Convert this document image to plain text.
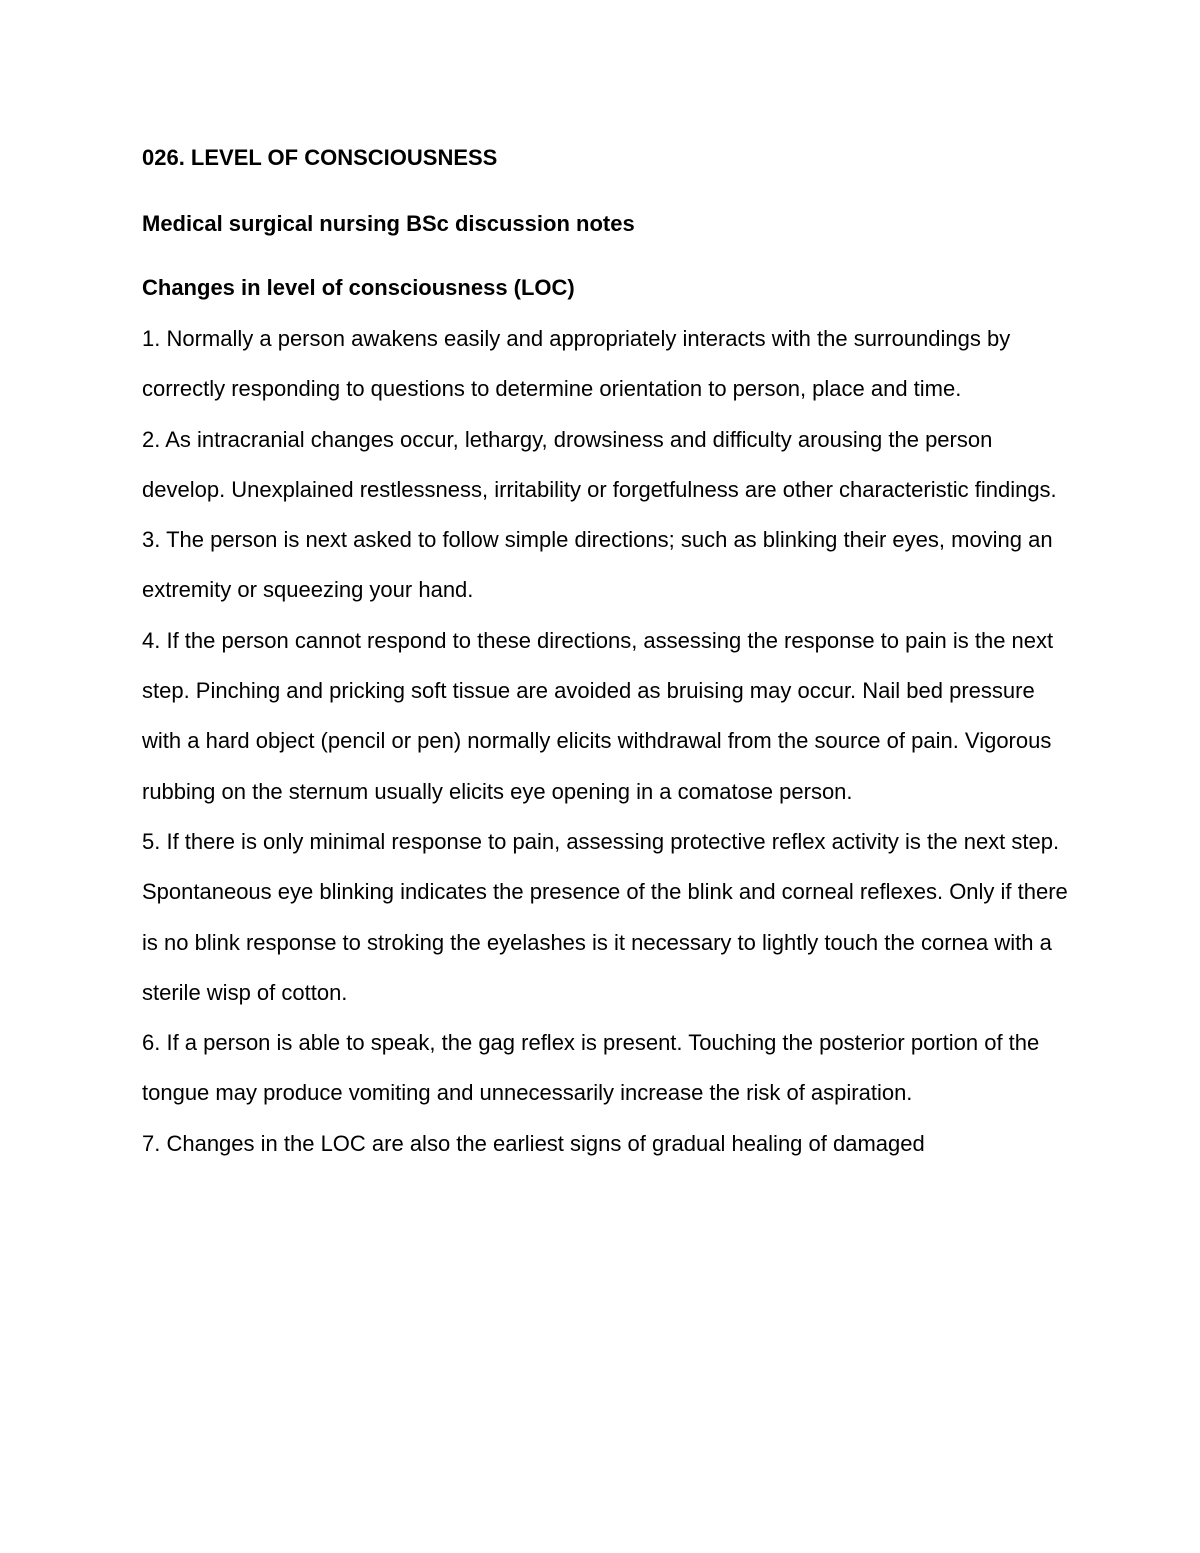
026. LEVEL OF CONSCIOUSNESS

Medical surgical nursing BSc discussion notes

Changes in level of consciousness (LOC)

1. Normally a person awakens easily and appropriately interacts with the surroundings by correctly responding to questions to determine orientation to person, place and time.

2. As intracranial changes occur, lethargy, drowsiness and difficulty arousing the person develop. Unexplained restlessness, irritability or forgetfulness are other characteristic findings.

3. The person is next asked to follow simple directions; such as blinking their eyes, moving an extremity or squeezing your hand.

4. If the person cannot respond to these directions, assessing the response to pain is the next step. Pinching and pricking soft tissue are avoided as bruising may occur. Nail bed pressure with a hard object (pencil or pen) normally elicits withdrawal from the source of pain. Vigorous rubbing on the sternum usually elicits eye opening in a comatose person.

5. If there is only minimal response to pain, assessing protective reflex activity is the next step. Spontaneous eye blinking indicates the presence of the blink and corneal reflexes. Only if there is no blink response to stroking the eyelashes is it necessary to lightly touch the cornea with a sterile wisp of cotton.

6. If a person is able to speak, the gag reflex is present. Touching the posterior portion of the tongue may produce vomiting and unnecessarily increase the risk of aspiration.

7. Changes in the LOC are also the earliest signs of gradual healing of damaged
